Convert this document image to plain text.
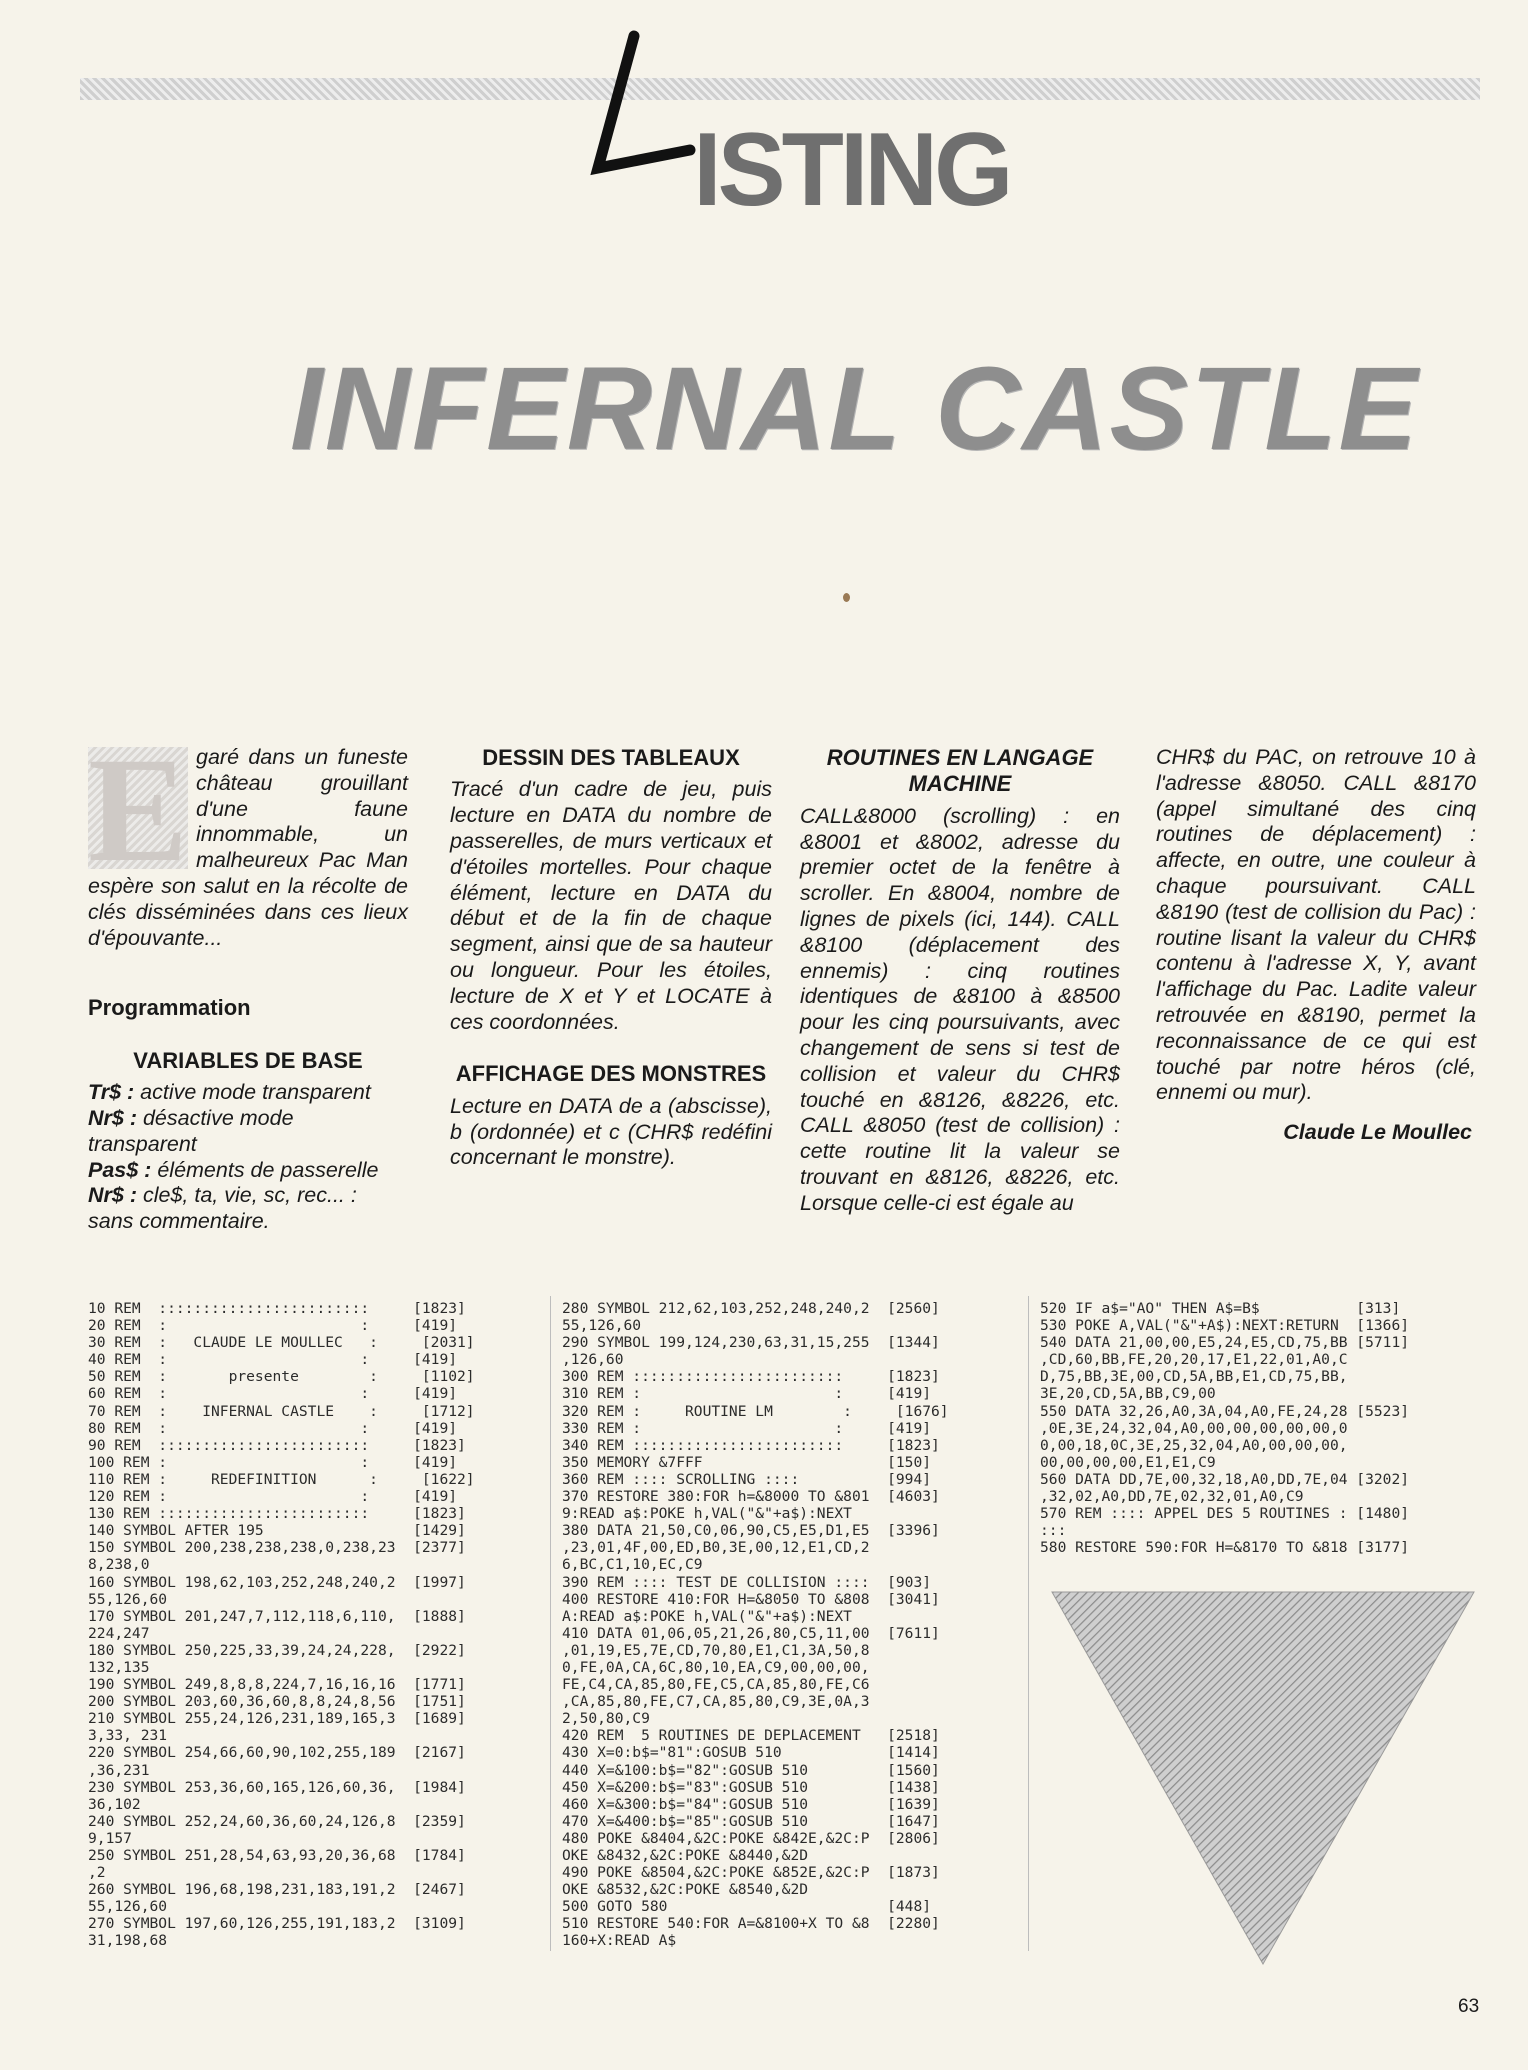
ISTING
INFERNAL CASTLE
E garé dans un funeste château grouillant d'une faune innommable, un malheureux Pac Man espère son salut en la récolte de clés disséminées dans ces lieux d'épouvante...
Programmation
VARIABLES DE BASE

Tr$ : active mode transparent

Nr$ : désactive mode transparent

Pas$ : éléments de passerelle

Nr$ : cle$, ta, vie, sc, rec... : sans commentaire.

DESSIN DES TABLEAUX
Tracé d'un cadre de jeu, puis lecture en DATA du nombre de passerelles, de murs verticaux et d'étoiles mortelles. Pour chaque élément, lecture en DATA du début et de la fin de chaque segment, ainsi que de sa hauteur ou longueur. Pour les étoiles, lecture de X et Y et LOCATE à ces coordonnées.
AFFICHAGE DES MONSTRES
Lecture en DATA de a (abscisse), b (ordonnée) et c (CHR$ redéfini concernant le monstre).
ROUTINES EN LANGAGE MACHINE
CALL&8000 (scrolling) : en &8001 et &8002, adresse du premier octet de la fenêtre à scroller. En &8004, nombre de lignes de pixels (ici, 144). CALL &8100 (déplacement des ennemis) : cinq routines identiques de &8100 à &8500 pour les cinq poursuivants, avec changement de sens si test de collision et valeur du CHR$ touché en &8126, &8226, etc. CALL &8050 (test de collision) : cette routine lit la valeur se trouvant en &8126, &8226, etc. Lorsque celle-ci est égale au
CHR$ du PAC, on retrouve 10 à l'adresse &8050. CALL &8170 (appel simultané des cinq routines de déplacement) : affecte, en outre, une couleur à chaque poursuivant. CALL &8190 (test de collision du Pac) : routine lisant la valeur du CHR$ contenu à l'adresse X, Y, avant l'affichage du Pac. Ladite valeur retrouvée en &8190, permet la reconnaissance de ce qui est touché par notre héros (clé, ennemi ou mur).
Claude Le Moullec
10 REM  ::::::::::::::::::::::::     [1823]
20 REM  :                      :     [419]
30 REM  :   CLAUDE LE MOULLEC   :     [2031]
40 REM  :                      :     [419]
50 REM  :       presente        :     [1102]
60 REM  :                      :     [419]
70 REM  :    INFERNAL CASTLE    :     [1712]
80 REM  :                      :     [419]
90 REM  ::::::::::::::::::::::::     [1823]
100 REM :                      :     [419]
110 REM :     REDEFINITION      :     [1622]
120 REM :                      :     [419]
130 REM ::::::::::::::::::::::::     [1823]
140 SYMBOL AFTER 195                 [1429]
150 SYMBOL 200,238,238,238,0,238,23  [2377]
8,238,0
160 SYMBOL 198,62,103,252,248,240,2  [1997]
55,126,60
170 SYMBOL 201,247,7,112,118,6,110,  [1888]
224,247
180 SYMBOL 250,225,33,39,24,24,228,  [2922]
132,135
190 SYMBOL 249,8,8,8,224,7,16,16,16  [1771]
200 SYMBOL 203,60,36,60,8,8,24,8,56  [1751]
210 SYMBOL 255,24,126,231,189,165,3  [1689]
3,33, 231
220 SYMBOL 254,66,60,90,102,255,189  [2167]
,36,231
230 SYMBOL 253,36,60,165,126,60,36,  [1984]
36,102
240 SYMBOL 252,24,60,36,60,24,126,8  [2359]
9,157
250 SYMBOL 251,28,54,63,93,20,36,68  [1784]
,2
260 SYMBOL 196,68,198,231,183,191,2  [2467]
55,126,60
270 SYMBOL 197,60,126,255,191,183,2  [3109]
31,198,68
280 SYMBOL 212,62,103,252,248,240,2  [2560]
55,126,60
290 SYMBOL 199,124,230,63,31,15,255  [1344]
,126,60
300 REM ::::::::::::::::::::::::     [1823]
310 REM :                      :     [419]
320 REM :     ROUTINE LM        :     [1676]
330 REM :                      :     [419]
340 REM ::::::::::::::::::::::::     [1823]
350 MEMORY &7FFF                     [150]
360 REM :::: SCROLLING ::::          [994]
370 RESTORE 380:FOR h=&8000 TO &801  [4603]
9:READ a$:POKE h,VAL("&"+a$):NEXT
380 DATA 21,50,C0,06,90,C5,E5,D1,E5  [3396]
,23,01,4F,00,ED,B0,3E,00,12,E1,CD,2
6,BC,C1,10,EC,C9
390 REM :::: TEST DE COLLISION ::::  [903]
400 RESTORE 410:FOR H=&8050 TO &808  [3041]
A:READ a$:POKE h,VAL("&"+a$):NEXT
410 DATA 01,06,05,21,26,80,C5,11,00  [7611]
,01,19,E5,7E,CD,70,80,E1,C1,3A,50,8
0,FE,0A,CA,6C,80,10,EA,C9,00,00,00,
FE,C4,CA,85,80,FE,C5,CA,85,80,FE,C6
,CA,85,80,FE,C7,CA,85,80,C9,3E,0A,3
2,50,80,C9
420 REM  5 ROUTINES DE DEPLACEMENT   [2518]
430 X=0:b$="81":GOSUB 510            [1414]
440 X=&100:b$="82":GOSUB 510         [1560]
450 X=&200:b$="83":GOSUB 510         [1438]
460 X=&300:b$="84":GOSUB 510         [1639]
470 X=&400:b$="85":GOSUB 510         [1647]
480 POKE &8404,&2C:POKE &842E,&2C:P  [2806]
OKE &8432,&2C:POKE &8440,&2D
490 POKE &8504,&2C:POKE &852E,&2C:P  [1873]
OKE &8532,&2C:POKE &8540,&2D
500 GOTO 580                         [448]
510 RESTORE 540:FOR A=&8100+X TO &8  [2280]
160+X:READ A$
520 IF a$="AO" THEN A$=B$           [313]
530 POKE A,VAL("&"+A$):NEXT:RETURN  [1366]
540 DATA 21,00,00,E5,24,E5,CD,75,BB [5711]
,CD,60,BB,FE,20,20,17,E1,22,01,A0,C
D,75,BB,3E,00,CD,5A,BB,E1,CD,75,BB,
3E,20,CD,5A,BB,C9,00
550 DATA 32,26,A0,3A,04,A0,FE,24,28 [5523]
,0E,3E,24,32,04,A0,00,00,00,00,00,0
0,00,18,0C,3E,25,32,04,A0,00,00,00,
00,00,00,00,E1,E1,C9
560 DATA DD,7E,00,32,18,A0,DD,7E,04 [3202]
,32,02,A0,DD,7E,02,32,01,A0,C9
570 REM :::: APPEL DES 5 ROUTINES : [1480]
:::
580 RESTORE 590:FOR H=&8170 TO &818 [3177]
63
